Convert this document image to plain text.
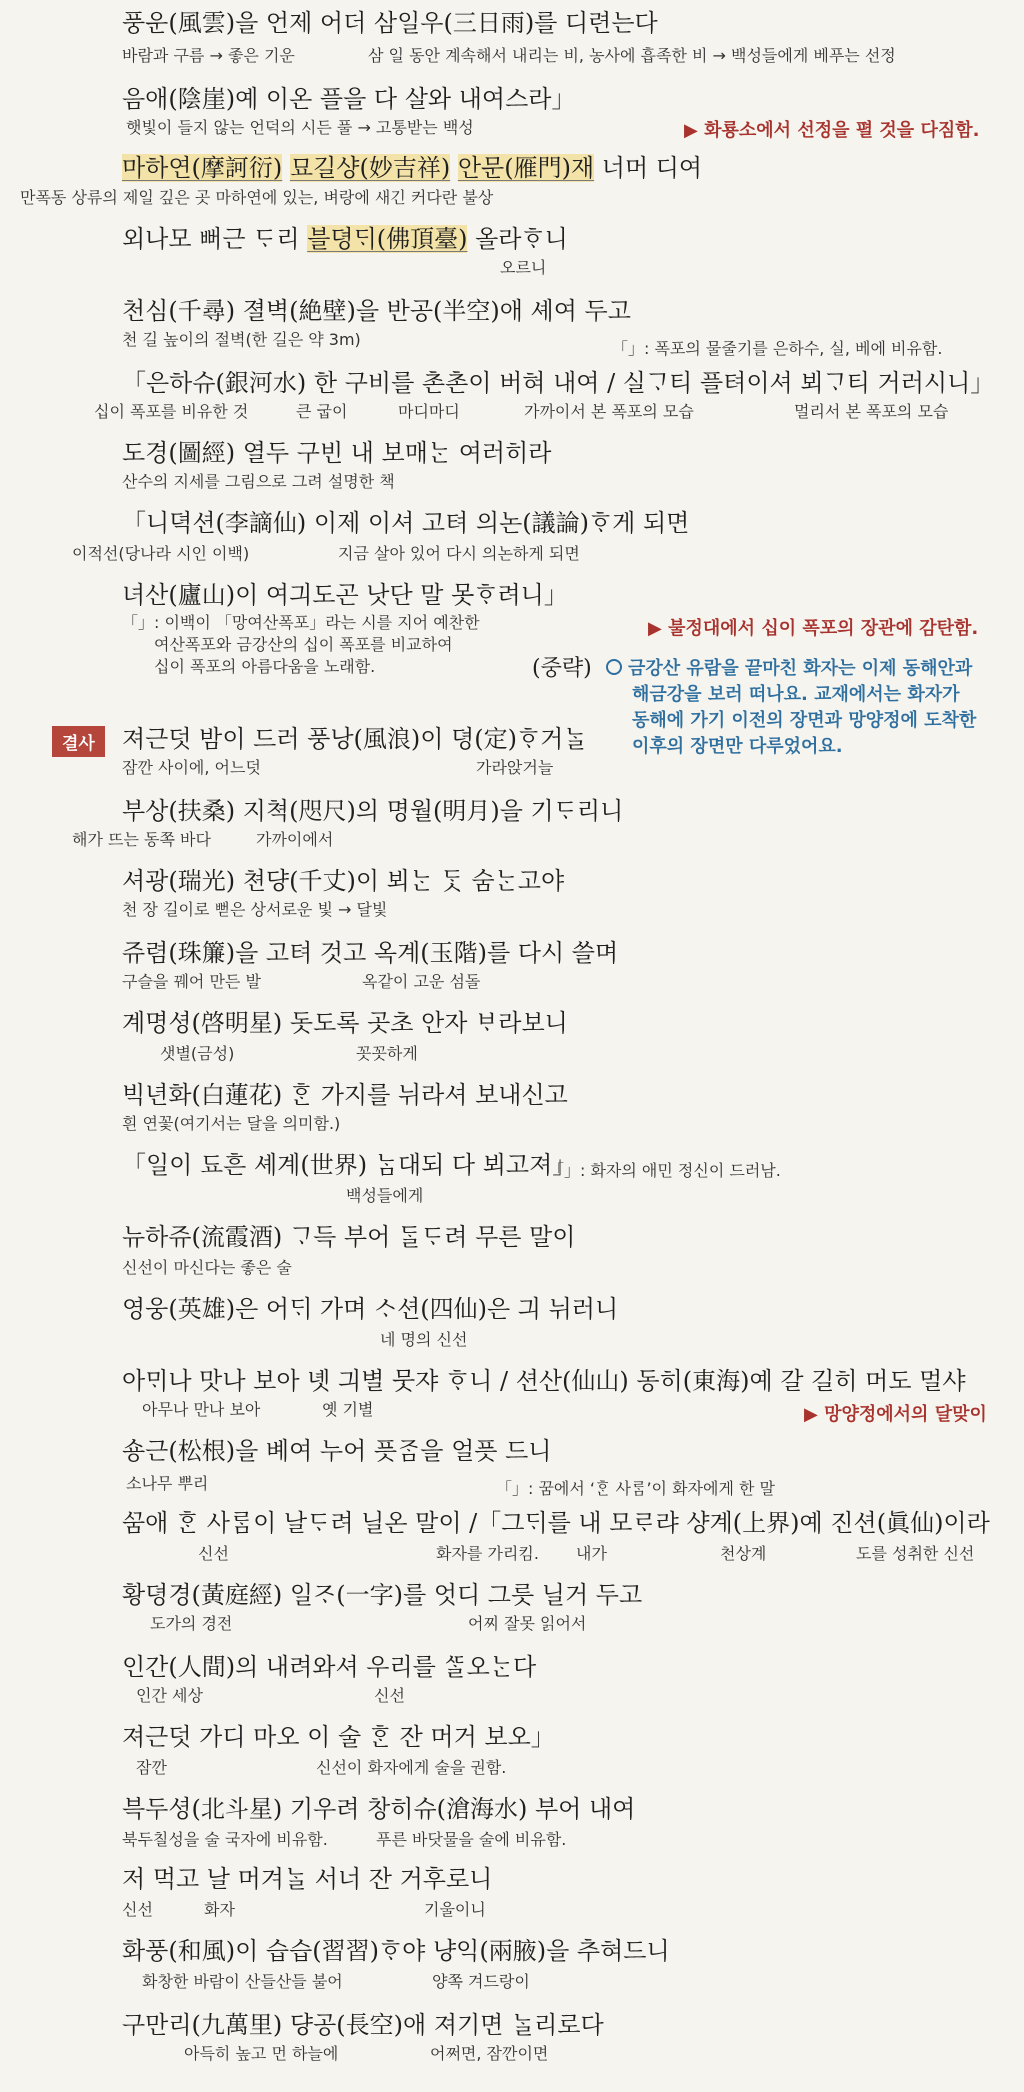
풍운(風雲)을 언제 어더 삼일우(三日雨)를 디련는다
바람과 구름 → 좋은 기운	삼 일 동안 계속해서 내리는 비, 농사에 흡족한 비 → 백성들에게 베푸는 선정
음애(陰崖)예 이온 플을 다 살와 내여스라」
햇빛이 들지 않는 언덕의 시든 풀 → 고통받는 백성	▶ 화룡소에서 선정을 펼 것을 다짐함.
마하연(摩訶衍) 묘길샹(妙吉祥) 안문(雁門)재 너머 디여
만폭동 상류의 제일 깊은 곳 마하연에 있는, 벼랑에 새긴 커다란 불상
외나모 뻐근 ᄃᆞ리 블뎡ᄃᆡ(佛頂臺) 올라ᄒᆞ니
오르니
천심(千尋) 졀벽(絶壁)을 반공(半空)애 셰여 두고
천 길 높이의 절벽(한 길은 약 3m)	「」: 폭포의 물줄기를 은하수, 실, 베에 비유함.
「은하슈(銀河水) 한 구비를 촌촌이 버혀 내여 / 실ᄀᆞ티 플텨이셔 뵈ᄀᆞ티 거러시니」
십이 폭포를 비유한 것	큰 굽이	마디마디	가까이서 본 폭포의 모습	멀리서 본 폭포의 모습
도경(圖經) 열두 구빈 내 보매ᄂᆞᆫ 여러히라
산수의 지세를 그림으로 그려 설명한 책
「니뎍션(李謫仙) 이제 이셔 고텨 의논(議論)ᄒᆞ게 되면
이적선(당나라 시인 이백)	지금 살아 있어 다시 의논하게 되면
녀산(廬山)이 여긔도곤 낫단 말 못ᄒᆞ려니」
「」: 이백이 「망여산폭포」라는 시를 지어 예찬한
여산폭포와 금강산의 십이 폭포를 비교하여
십이 폭포의 아름다움을 노래함.
▶ 불정대에서 십이 폭포의 장관에 감탄함.
(중략)	금강산 유람을 끝마친 화자는 이제 동해안과
해금강을 보러 떠나요. 교재에서는 화자가
동해에 가기 이전의 장면과 망양정에 도착한
이후의 장면만 다루었어요.
결사	져근덧 밤이 드러 풍낭(風浪)이 뎡(定)ᄒᆞ거ᄂᆞᆯ
잠깐 사이에, 어느덧	가라앉거늘
부상(扶桑) 지쳑(咫尺)의 명월(明月)을 기ᄃᆞ리니
해가 뜨는 동쪽 바다	가까이에서
셔광(瑞光) 쳔댱(千丈)이 뵈ᄂᆞᆫ ᄃᆞᆺ 숨ᄂᆞᆫ고야
천 장 길이로 뻗은 상서로운 빛 → 달빛
쥬렴(珠簾)을 고텨 것고 옥계(玉階)를 다시 쓸며
구슬을 꿰어 만든 발	옥같이 고운 섬돌
계명셩(啓明星) 돗도록 곳초 안자 ᄇᆞ라보니
샛별(금성)	꼿꼿하게
빅년화(白蓮花) ᄒᆞᆫ 가지를 뉘라셔 보내신고
흰 연꽃(여기서는 달을 의미함.)
「일이 됴흔 셰계(世界) ᄂᆞᆷ대되 다 뵈고져」
「」: 화자의 애민 정신이 드러남.
백성들에게
뉴하쥬(流霞酒) ᄀᆞ득 부어 ᄃᆞᆯᄃᆞ려 무른 말이
신선이 마신다는 좋은 술
영웅(英雄)은 어ᄃᆡ 가며 ᄉᆞ션(四仙)은 긔 뉘러니
네 명의 신선
아ᄆᆡ나 맛나 보아 녯 긔별 뭇쟈 ᄒᆞ니 / 션산(仙山) 동히(東海)예 갈 길히 머도 멀샤
아무나 만나 보아	옛 기별	▶ 망양정에서의 달맞이
숑근(松根)을 볘여 누어 픗ᄌᆞᆷ을 얼픗 드니
소나무 뿌리	「」: 꿈에서 ‘ᄒᆞᆫ 사ᄅᆞᆷ’이 화자에게 한 말
ᄭᅮᆷ애 ᄒᆞᆫ 사ᄅᆞᆷ이 날ᄃᆞ려 닐온 말이 /「그ᄃᆡ를 내 모ᄅᆞ랴 샹계(上界)예 진션(眞仙)이라
신선	화자를 가리킴. 내가	천상계	도를 성취한 신선
황뎡경(黃庭經) 일ᄌᆞ(一字)를 엇디 그릇 닐거 두고
도가의 경전	어찌 잘못 읽어서
인간(人間)의 내려와셔 우리를 ᄯᆞᆯ오ᄂᆞᆫ다
인간 세상	신선
져근덧 가디 마오 이 술 ᄒᆞᆫ 잔 머거 보오」
잠깐	신선이 화자에게 술을 권함.
븍두셩(北斗星) 기우려 창히슈(滄海水) 부어 내여
북두칠성을 술 국자에 비유함.	푸른 바닷물을 술에 비유함.
저 먹고 날 머겨ᄂᆞᆯ 서너 잔 거후로니
신선	화자	기울이니
화풍(和風)이 습습(習習)ᄒᆞ야 냥익(兩腋)을 추혀드니
화창한 바람이 산들산들 불어	양쪽 겨드랑이
구만리(九萬里) 댱공(長空)애 져기면 ᄂᆞᆯ리로다
아득히 높고 먼 하늘에	어쩌면, 잠깐이면
